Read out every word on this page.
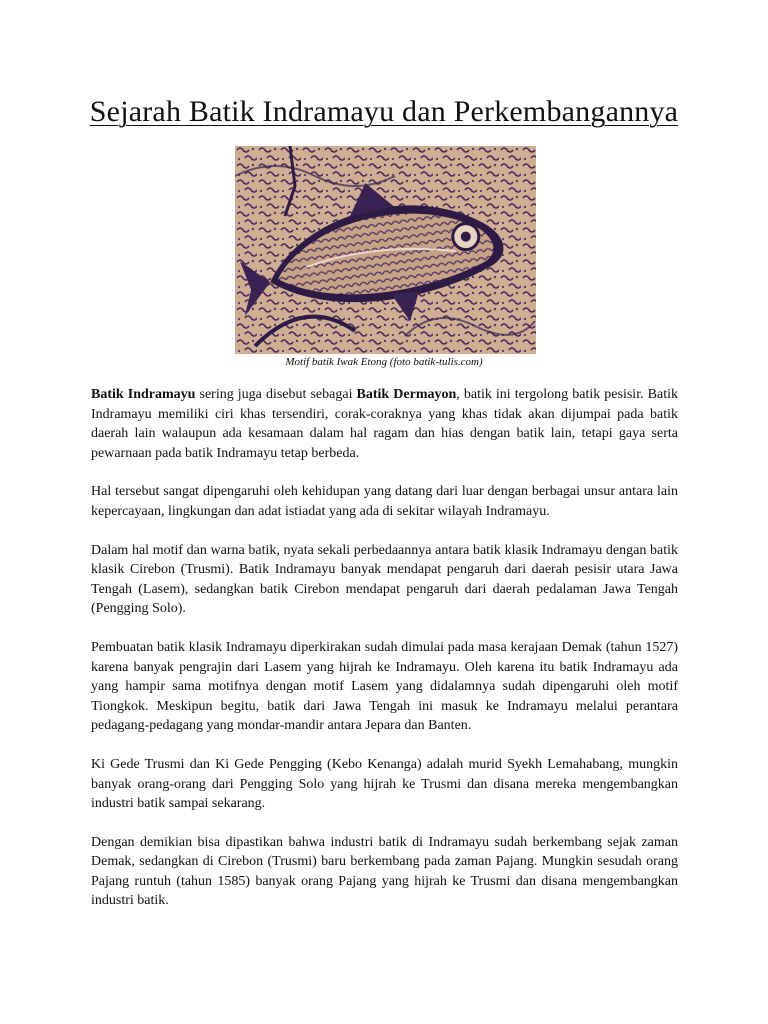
Sejarah Batik Indramayu dan Perkembangannya
Motif batik Iwak Etong (foto batik-tulis.com)

Batik Indramayu sering juga disebut sebagai Batik Dermayon, batik ini tergolong batik pesisir. Batik Indramayu memiliki ciri khas tersendiri, corak-coraknya yang khas tidak akan dijumpai pada batik daerah lain walaupun ada kesamaan dalam hal ragam dan hias dengan batik lain, tetapi gaya serta pewarnaan pada batik Indramayu tetap berbeda.

Hal tersebut sangat dipengaruhi oleh kehidupan yang datang dari luar dengan berbagai unsur antara lain kepercayaan, lingkungan dan adat istiadat yang ada di sekitar wilayah Indramayu.

Dalam hal motif dan warna batik, nyata sekali perbedaannya antara batik klasik Indramayu dengan batik klasik Cirebon (Trusmi). Batik Indramayu banyak mendapat pengaruh dari daerah pesisir utara Jawa Tengah (Lasem), sedangkan batik Cirebon mendapat pengaruh dari daerah pedalaman Jawa Tengah (Pengging Solo).

Pembuatan batik klasik Indramayu diperkirakan sudah dimulai pada masa kerajaan Demak (tahun 1527) karena banyak pengrajin dari Lasem yang hijrah ke Indramayu. Oleh karena itu batik Indramayu ada yang hampir sama motifnya dengan motif Lasem yang didalamnya sudah dipengaruhi oleh motif Tiongkok. Meskipun begitu, batik dari Jawa Tengah ini masuk ke Indramayu melalui perantara pedagang-pedagang yang mondar-mandir antara Jepara dan Banten.

Ki Gede Trusmi dan Ki Gede Pengging (Kebo Kenanga) adalah murid Syekh Lemahabang, mungkin banyak orang-orang dari Pengging Solo yang hijrah ke Trusmi dan disana mereka mengembangkan industri batik sampai sekarang.

Dengan demikian bisa dipastikan bahwa industri batik di Indramayu sudah berkembang sejak zaman Demak, sedangkan di Cirebon (Trusmi) baru berkembang pada zaman Pajang. Mungkin sesudah orang Pajang runtuh (tahun 1585) banyak orang Pajang yang hijrah ke Trusmi dan disana mengembangkan industri batik.
